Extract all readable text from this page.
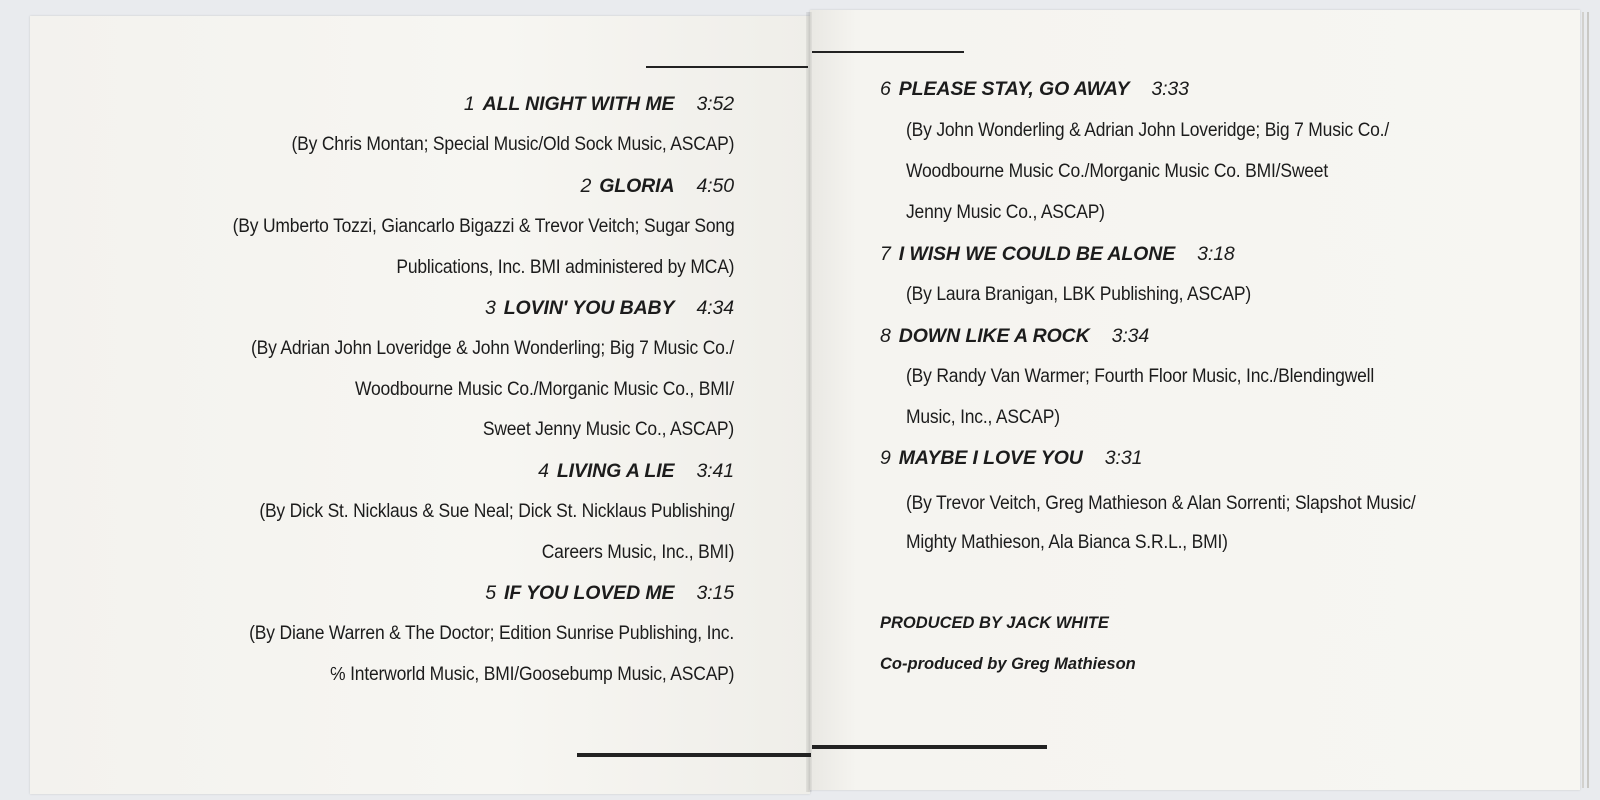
1 ALL NIGHT WITH ME 3:52
(By Chris Montan; Special Music/Old Sock Music, ASCAP)
2 GLORIA 4:50
(By Umberto Tozzi, Giancarlo Bigazzi & Trevor Veitch; Sugar Song
Publications, Inc. BMI administered by MCA)
3 LOVIN' YOU BABY 4:34
(By Adrian John Loveridge & John Wonderling; Big 7 Music Co./
Woodbourne Music Co./Morganic Music Co., BMI/
Sweet Jenny Music Co., ASCAP)
4 LIVING A LIE 3:41
(By Dick St. Nicklaus & Sue Neal; Dick St. Nicklaus Publishing/
Careers Music, Inc., BMI)
5 IF YOU LOVED ME 3:15
(By Diane Warren & The Doctor; Edition Sunrise Publishing, Inc.
℅ Interworld Music, BMI/Goosebump Music, ASCAP)
6 PLEASE STAY, GO AWAY 3:33
(By John Wonderling & Adrian John Loveridge; Big 7 Music Co./
Woodbourne Music Co./Morganic Music Co. BMI/Sweet
Jenny Music Co., ASCAP)
7 I WISH WE COULD BE ALONE 3:18
(By Laura Branigan, LBK Publishing, ASCAP)
8 DOWN LIKE A ROCK 3:34
(By Randy Van Warmer; Fourth Floor Music, Inc./Blendingwell
Music, Inc., ASCAP)
9 MAYBE I LOVE YOU 3:31
(By Trevor Veitch, Greg Mathieson & Alan Sorrenti; Slapshot Music/
Mighty Mathieson, Ala Bianca S.R.L., BMI)
PRODUCED BY JACK WHITE
Co-produced by Greg Mathieson
